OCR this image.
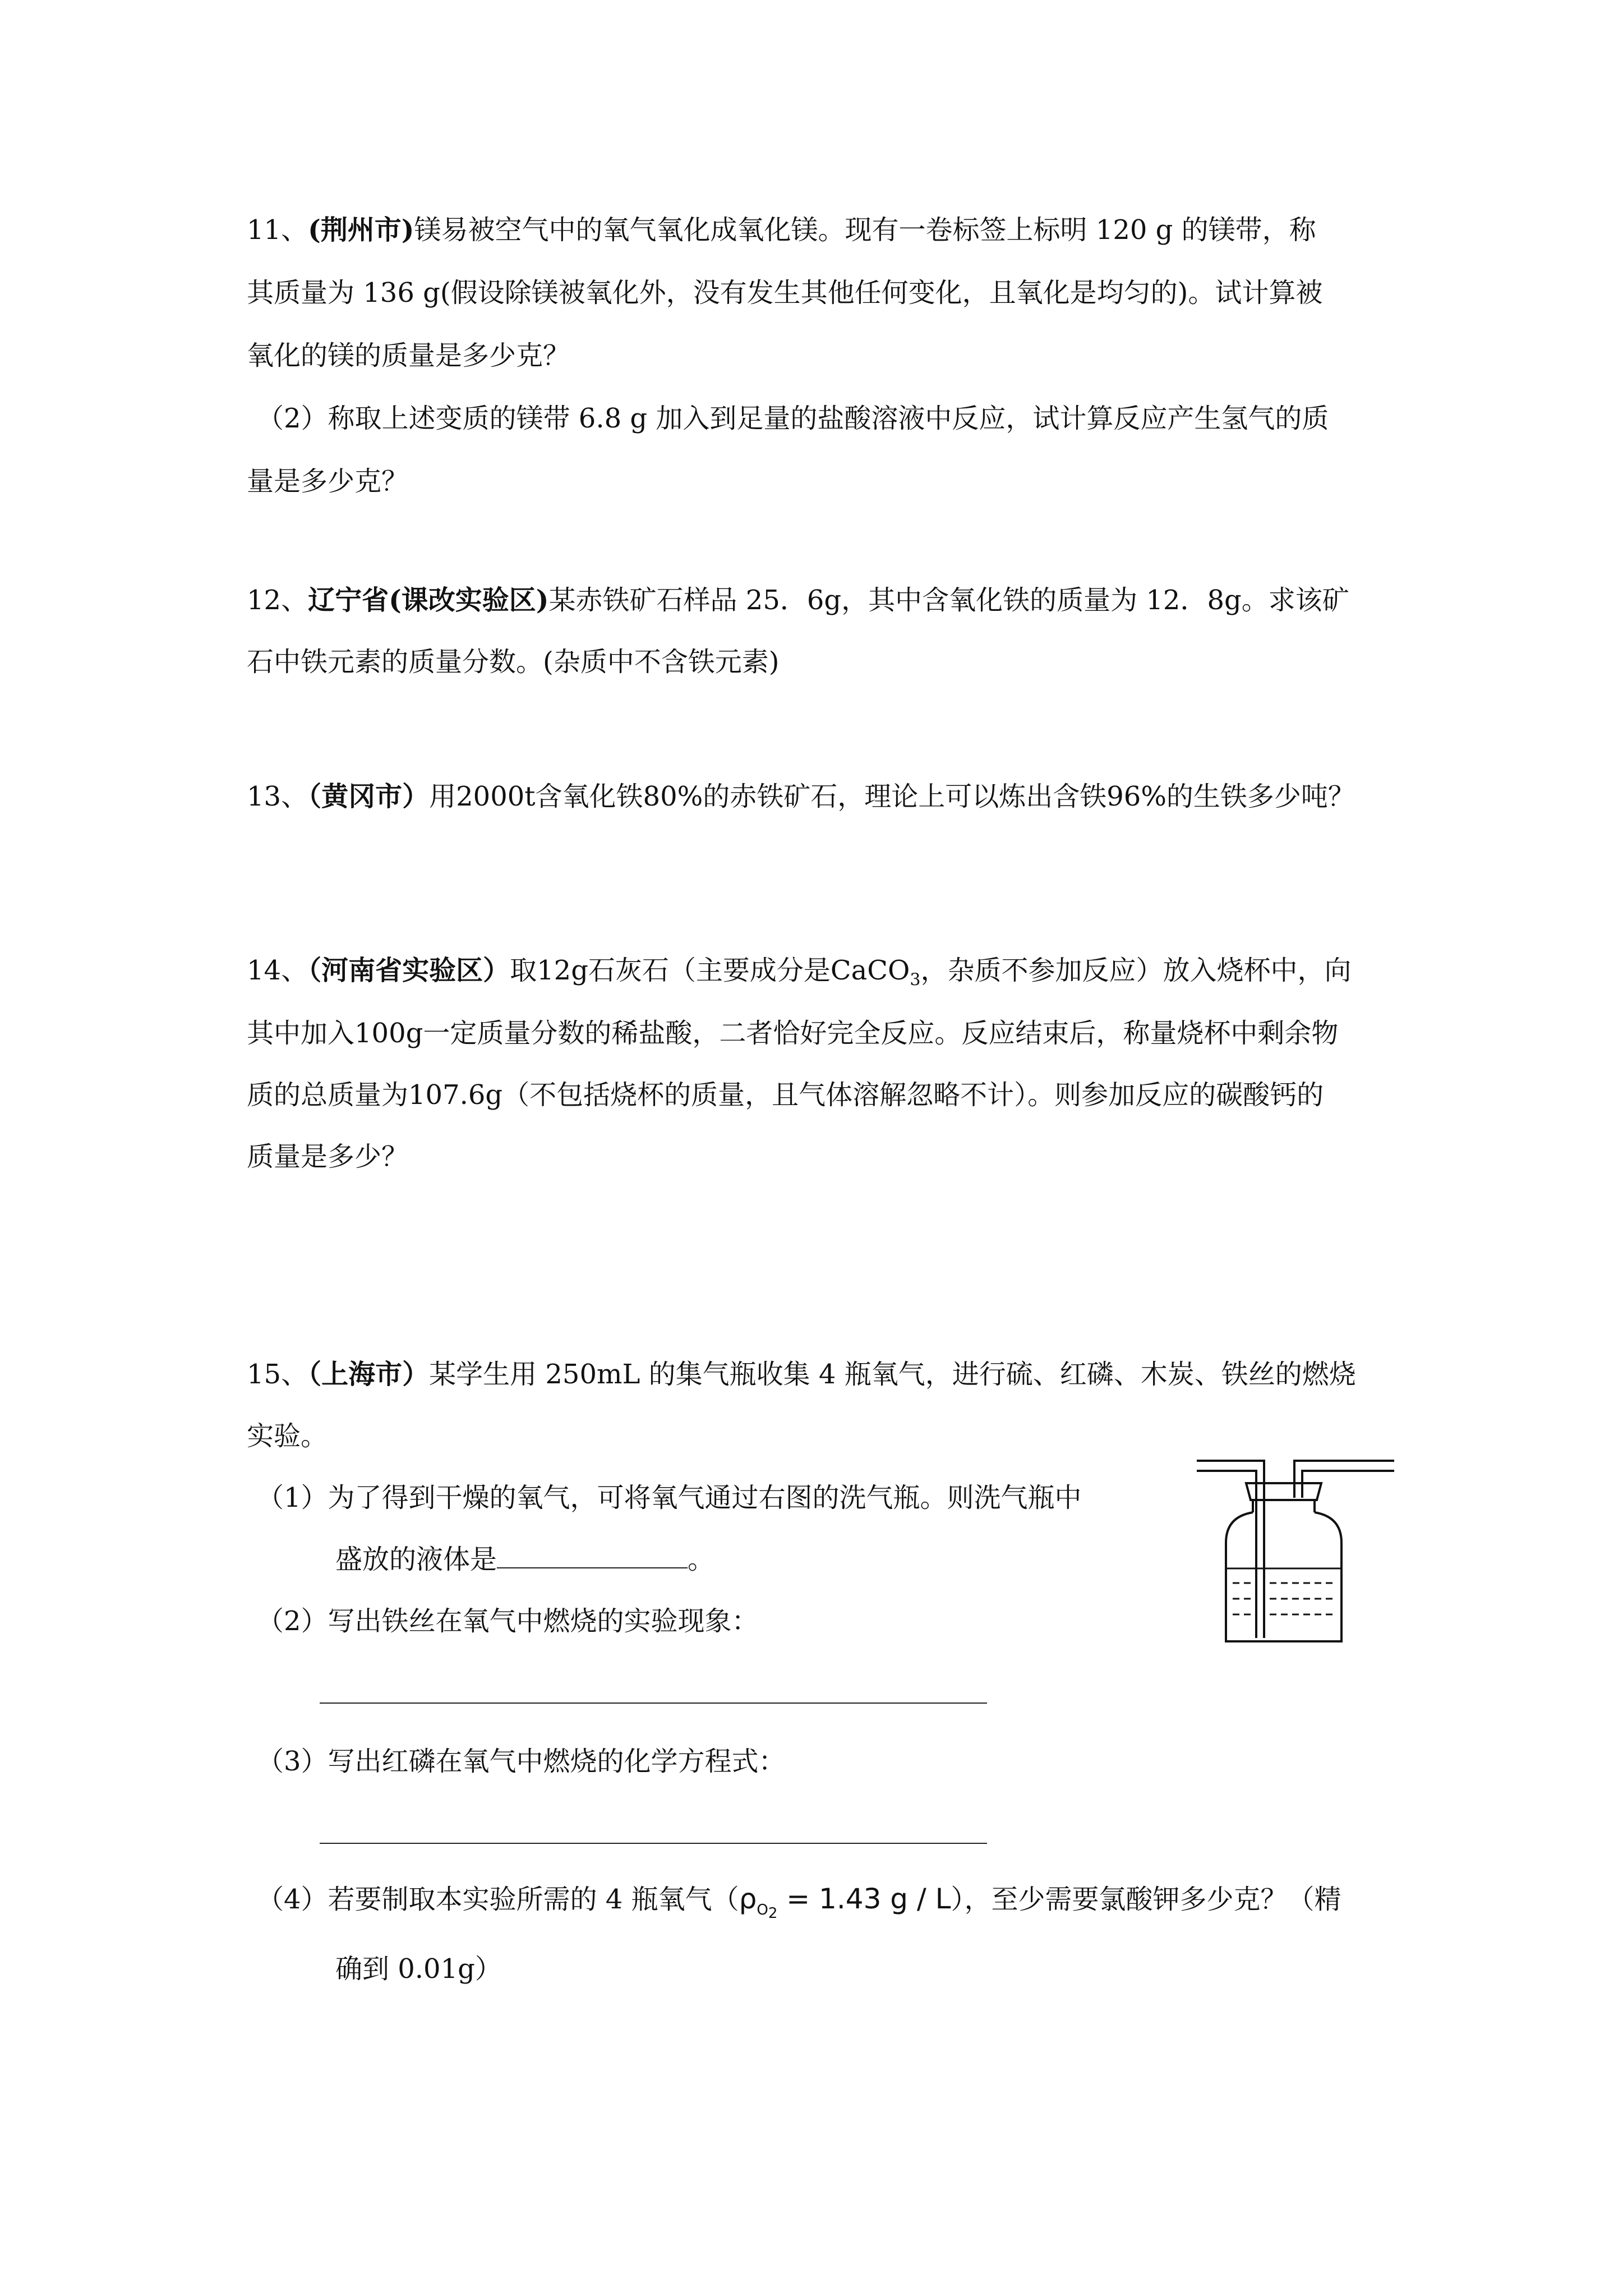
11、(荆州市)镁易被空气中的氧气氧化成氧化镁。现有一卷标签上标明 120 g 的镁带，称
其质量为 136 g(假设除镁被氧化外，没有发生其他任何变化，且氧化是均匀的)。试计算被
氧化的镁的质量是多少克？
（2）称取上述变质的镁带 6.8 g 加入到足量的盐酸溶液中反应，试计算反应产生氢气的质
量是多少克？
12、辽宁省(课改实验区)某赤铁矿石样品 25．6g，其中含氧化铁的质量为 12．8g。求该矿
石中铁元素的质量分数。(杂质中不含铁元素)
13、（黄冈市）用2000t含氧化铁80%的赤铁矿石，理论上可以炼出含铁96%的生铁多少吨？
14、（河南省实验区）取12g石灰石（主要成分是CaCO$_3$，杂质不参加反应）放入烧杯中，向
其中加入100g一定质量分数的稀盐酸，二者恰好完全反应。反应结束后，称量烧杯中剩余物
质的总质量为107.6g（不包括烧杯的质量，且气体溶解忽略不计）。则参加反应的碳酸钙的
质量是多少？
15、（上海市）某学生用 250mL 的集气瓶收集 4 瓶氧气，进行硫、红磷、木炭、铁丝的燃烧
实验。
（1）为了得到干燥的氧气，可将氧气通过右图的洗气瓶。则洗气瓶中
盛放的液体是	。
（2）写出铁丝在氧气中燃烧的实验现象：
（3）写出红磷在氧气中燃烧的化学方程式：
（4）若要制取本实验所需的 4 瓶氧气（$\rho_{O_2} = 1.43$ g / L），至少需要氯酸钾多少克？（精
确到 0.01g）
